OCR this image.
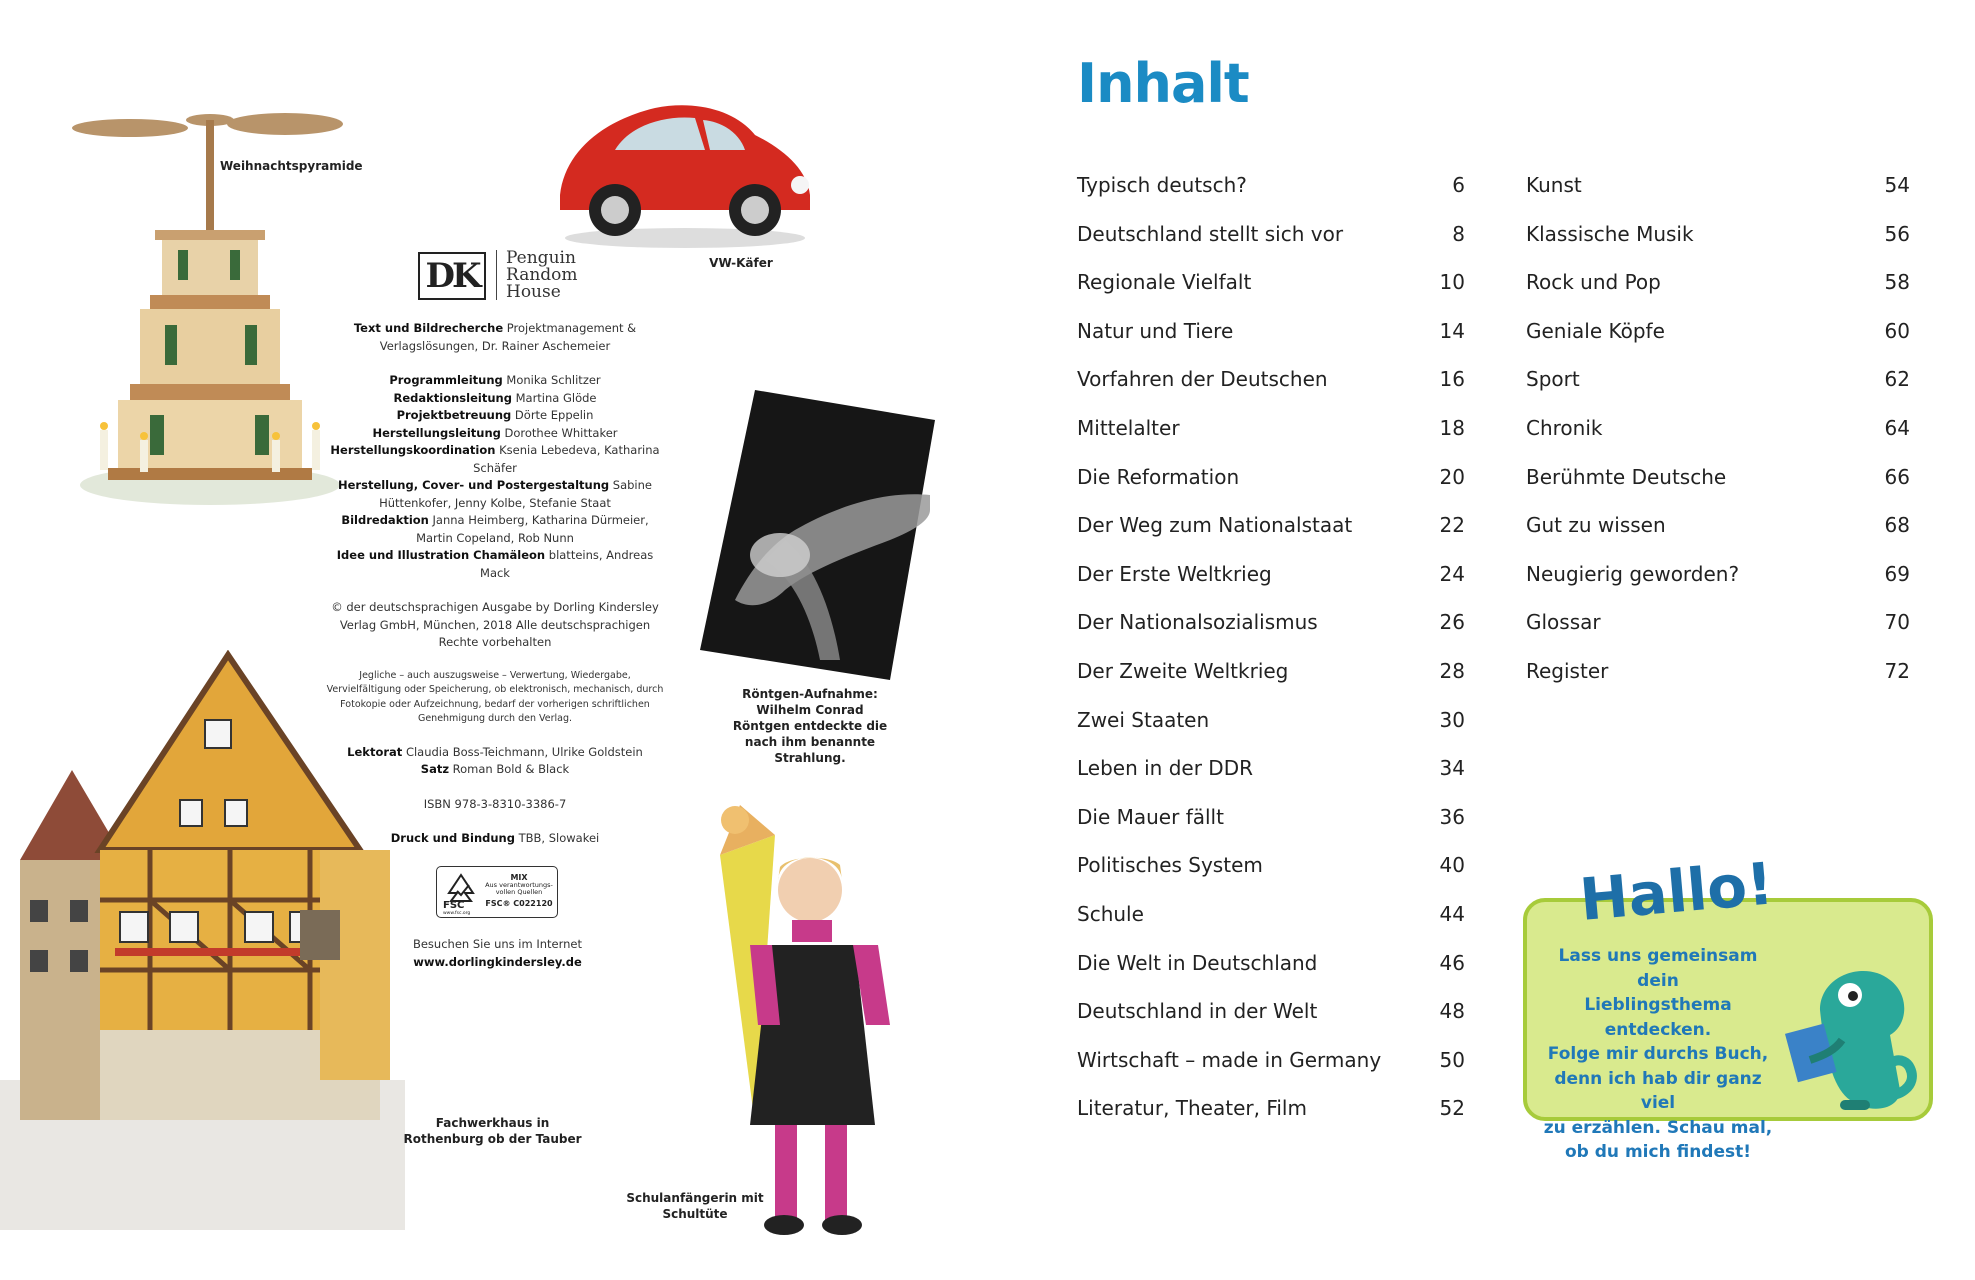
Weihnachtspyramide
VW-Käfer
DK	Penguin
Random
House

Text und Bildrecherche Projektmanagement & Verlagslösungen, Dr. Rainer Aschemeier

Programmleitung Monika Schlitzer
Redaktionsleitung Martina Glöde
Projektbetreuung Dörte Eppelin
Herstellungsleitung Dorothee Whittaker
Herstellungskoordination Ksenia Lebedeva, Katharina Schäfer
Herstellung, Cover- und Postergestaltung Sabine Hüttenkofer, Jenny Kolbe, Stefanie Staat
Bildredaktion Janna Heimberg, Katharina Dürmeier, Martin Copeland, Rob Nunn
Idee und Illustration Chamäleon blatteins, Andreas Mack

© der deutschsprachigen Ausgabe by Dorling Kindersley Verlag GmbH, München, 2018 Alle deutschsprachigen Rechte vorbehalten

Jegliche – auch auszugsweise – Verwertung, Wiedergabe, Vervielfältigung oder Speicherung, ob elektronisch, mechanisch, durch Fotokopie oder Aufzeichnung, bedarf der vorherigen schriftlichen Genehmigung durch den Verlag.

Lektorat Claudia Boss-Teichmann, Ulrike Goldstein
Satz Roman Bold & Black

ISBN 978-3-8310-3386-7

Druck und Bindung TBB, Slowakei

FSC
MIX
Aus verantwortungs-vollen Quellen
FSC® C022120
www.fsc.org
Besuchen Sie uns im Internet
www.dorlingkindersley.de
Röntgen-Aufnahme: Wilhelm Conrad Röntgen entdeckte die nach ihm benannte Strahlung.
Fachwerkhaus in Rothenburg ob der Tauber
Schulanfängerin mit Schultüte
Inhalt
Typisch deutsch?	6
Deutschland stellt sich vor	8
Regionale Vielfalt	10
Natur und Tiere	14
Vorfahren der Deutschen	16
Mittelalter	18
Die Reformation	20
Der Weg zum Nationalstaat	22
Der Erste Weltkrieg	24
Der Nationalsozialismus	26
Der Zweite Weltkrieg	28
Zwei Staaten	30
Leben in der DDR	34
Die Mauer fällt	36
Politisches System	40
Schule	44
Die Welt in Deutschland	46
Deutschland in der Welt	48
Wirtschaft – made in Germany	50
Literatur, Theater, Film	52
Kunst	54
Klassische Musik	56
Rock und Pop	58
Geniale Köpfe	60
Sport	62
Chronik	64
Berühmte Deutsche	66
Gut zu wissen	68
Neugierig geworden?	69
Glossar	70
Register	72
Hallo!
Lass uns gemeinsam dein
Lieblingsthema entdecken.
Folge mir durchs Buch,
denn ich hab dir ganz viel
zu erzählen. Schau mal,
ob du mich findest!
